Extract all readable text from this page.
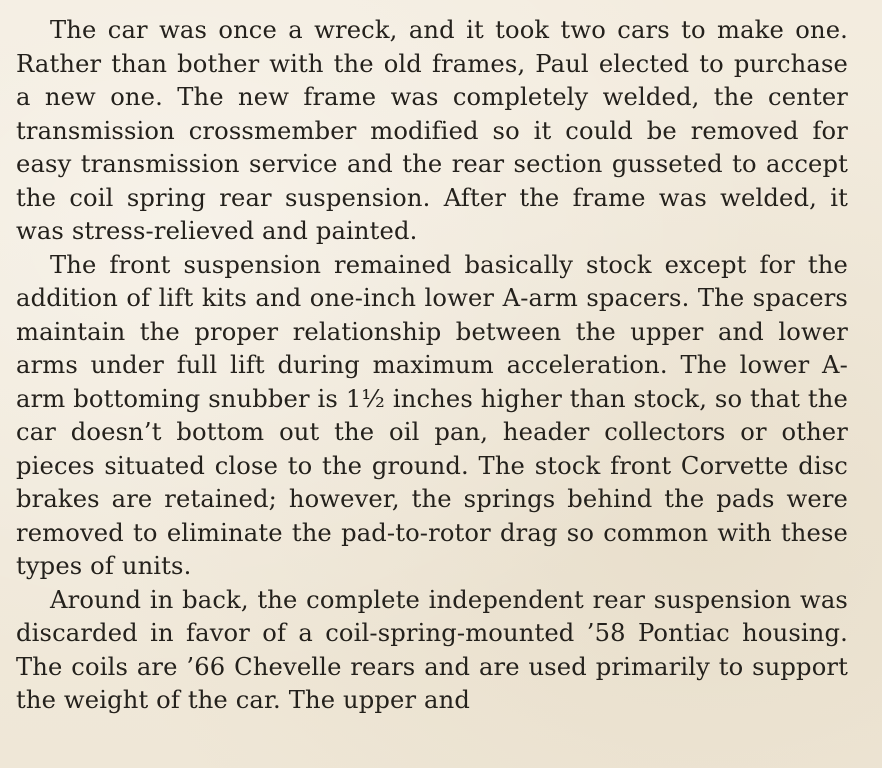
The car was once a wreck, and it took two cars to make one. Rather than bother with the old frames, Paul elected to purchase a new one. The new frame was completely welded, the center transmission crossmember modified so it could be removed for easy transmission service and the rear section gusseted to accept the coil spring rear suspension. After the frame was welded, it was stress-relieved and painted.

The front suspension remained basically stock except for the addition of lift kits and one-inch lower A-arm spacers. The spacers maintain the proper relationship between the upper and lower arms under full lift during maximum acceleration. The lower A-arm bottoming snubber is 1½ inches higher than stock, so that the car doesn’t bottom out the oil pan, header collectors or other pieces situated close to the ground. The stock front Corvette disc brakes are retained; however, the springs behind the pads were removed to eliminate the pad-to-rotor drag so common with these types of units.

Around in back, the complete independent rear suspension was discarded in favor of a coil-spring-mounted ’58 Pontiac housing. The coils are ’66 Chevelle rears and are used primarily to support the weight of the car. The upper and
